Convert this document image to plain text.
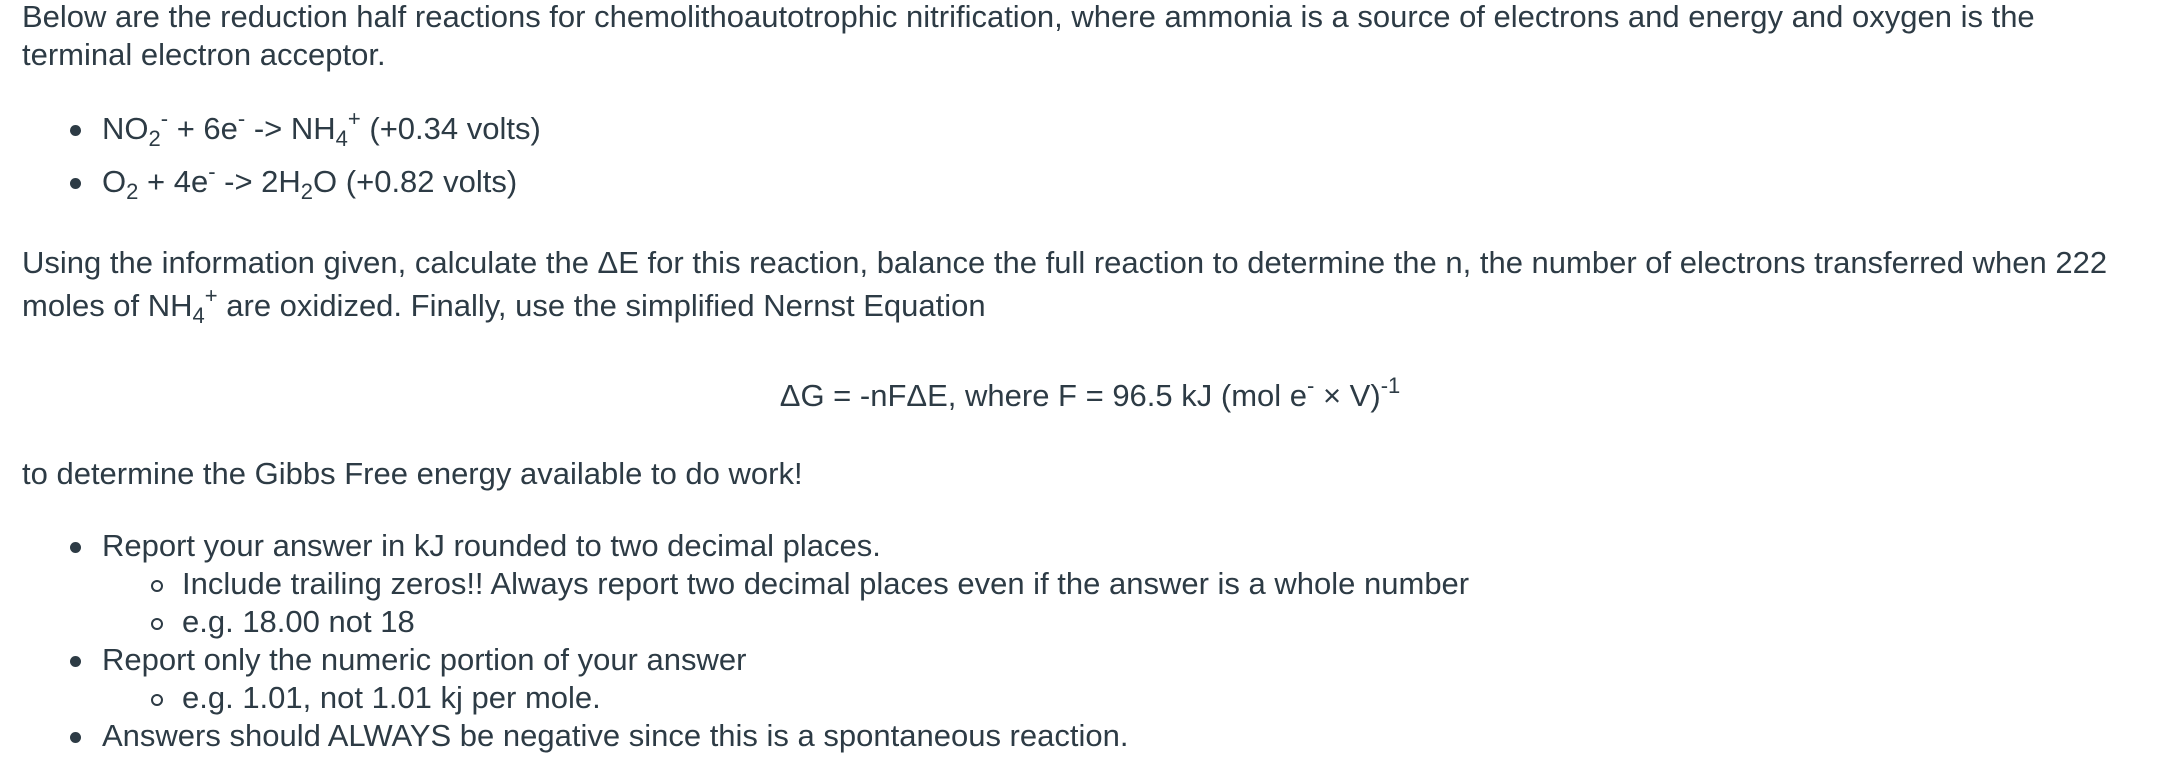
Below are the reduction half reactions for chemolithoautotrophic nitrification, where ammonia is a source of electrons and energy and oxygen is the terminal electron acceptor.

$NO_2^- + 6e^- -> NH_4^+$ (+0.34 volts)
$O_2 + 4e^- -> 2H_2O$ (+0.82 volts)

Using the information given, calculate the ΔE for this reaction, balance the full reaction to determine the n, the number of electrons transferred when 222 moles of $NH_4^+$ are oxidized. Finally, use the simplified Nernst Equation

ΔG = -nFΔE, where F = 96.5 kJ (mol e- × V)$^{-1}$

to determine the Gibbs Free energy available to do work!

Report your answer in kJ rounded to two decimal places.
Include trailing zeros!! Always report two decimal places even if the answer is a whole number
e.g. 18.00 not 18
Report only the numeric portion of your answer
e.g. 1.01, not 1.01 kj per mole.
Answers should ALWAYS be negative since this is a spontaneous reaction.
